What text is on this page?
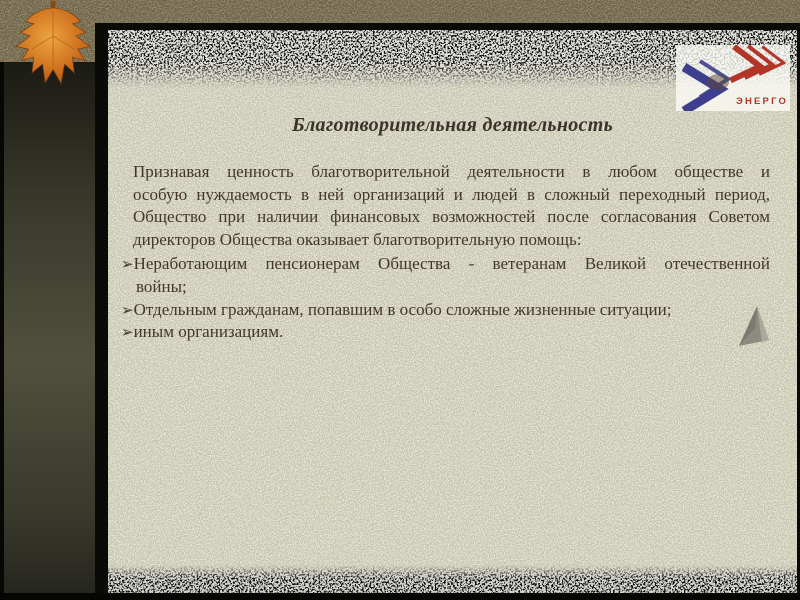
Благотворительная деятельность
Признавая ценность благотворительной деятельности в любом обществе и
особую нуждаемость в ней организаций и людей в сложный переходный период,
Общество при наличии финансовых возможностей после согласования Советом
директоров Общества оказывает благотворительную помощь:
➢Неработающим пенсионерам Общества - ветеранам Великой отечественной
войны;
➢Отдельным гражданам, попавшим в особо сложные жизненные ситуации;
➢иным организациям.
ЭНЕРГО
